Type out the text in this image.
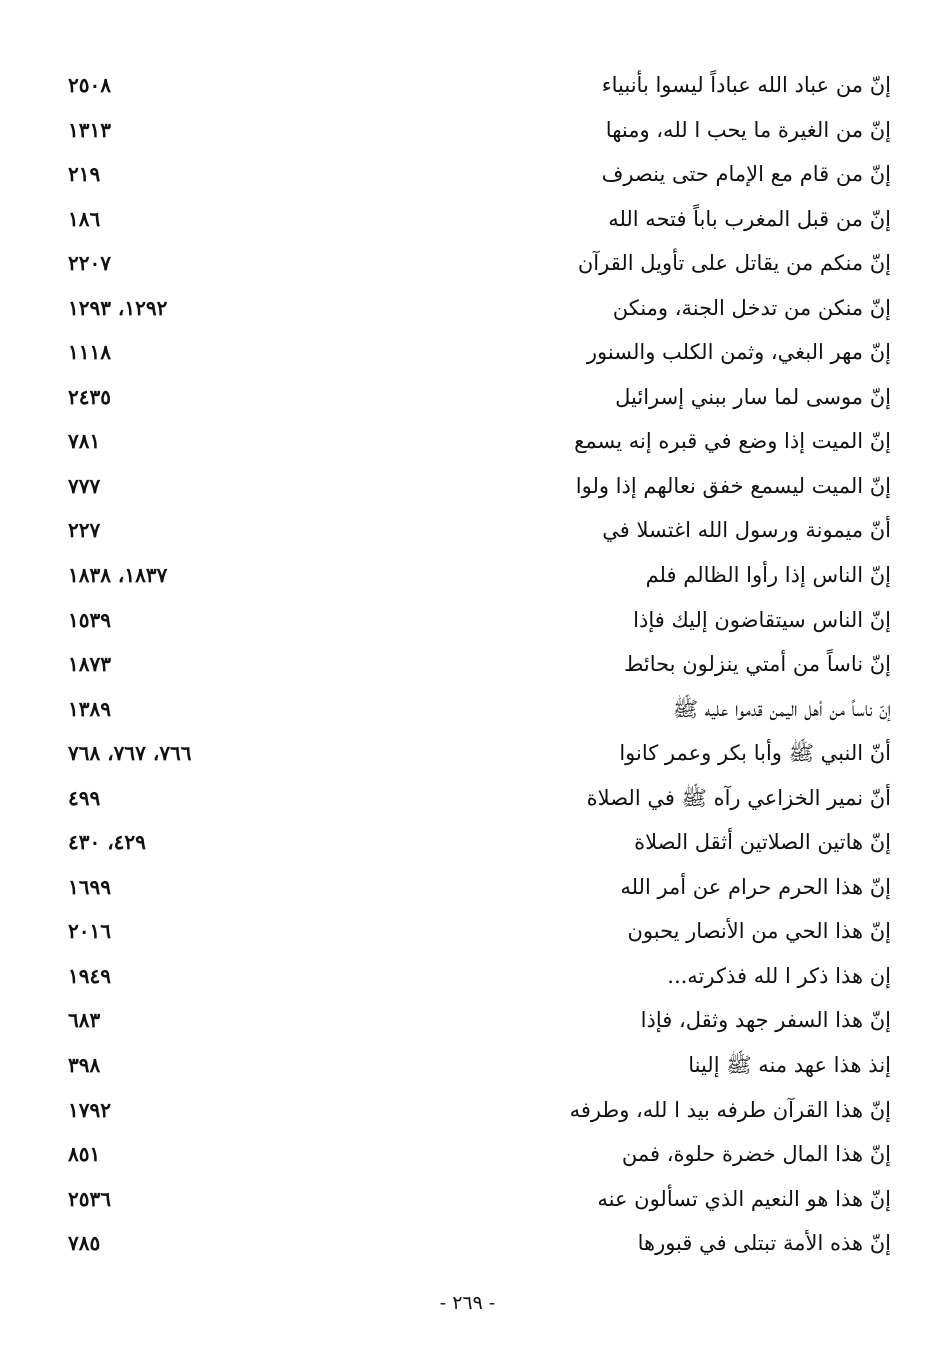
إنّ من عباد الله عباداً ليسوا بأنبياء
٢٥٠٨
إنّ من الغيرة ما يحب ا لله، ومنها
١٣١٣
إنّ من قام مع الإمام حتى ينصرف
٢١٩
إنّ من قبل المغرب باباً فتحه الله
١٨٦
إنّ منكم من يقاتل على تأويل القرآن
٢٢٠٧
إنّ منكن من تدخل الجنة، ومنكن
١٢٩٢، ١٢٩٣
إنّ مهر البغي، وثمن الكلب والسنور
١١١٨
إنّ موسى لما سار ببني إسرائيل
٢٤٣٥
إنّ الميت إذا وضع في قبره إنه يسمع
٧٨١
إنّ الميت ليسمع خفق نعالهم إذا ولوا
٧٧٧
أنّ ميمونة ورسول الله اغتسلا في
٢٢٧
إنّ الناس إذا رأوا الظالم فلم
١٨٣٧، ١٨٣٨
إنّ الناس سيتقاضون إليك فإذا
١٥٣٩
إنّ ناساً من أمتي ينزلون بحائط
١٨٧٣
إنّ ناساً من أهل اليمن قدموا عليه ﷺ
١٣٨٩
أنّ النبي ﷺ وأبا بكر وعمر كانوا
٧٦٦، ٧٦٧، ٧٦٨
أنّ نمير الخزاعي رآه ﷺ في الصلاة
٤٩٩
إنّ هاتين الصلاتين أثقل الصلاة
٤٢٩، ٤٣٠
إنّ هذا الحرم حرام عن أمر الله
١٦٩٩
إنّ هذا الحي من الأنصار يحبون
٢٠١٦
إن هذا ذكر ا لله فذكرته...
١٩٤٩
إنّ هذا السفر جهد وثقل، فإذا
٦٨٣
إنذ هذا عهد منه ﷺ إلينا
٣٩٨
إنّ هذا القرآن طرفه بيد ا لله، وطرفه
١٧٩٢
إنّ هذا المال خضرة حلوة، فمن
٨٥١
إنّ هذا هو النعيم الذي تسألون عنه
٢٥٣٦
إنّ هذه الأمة تبتلى في قبورها
٧٨٥
- ٢٦٩ -
